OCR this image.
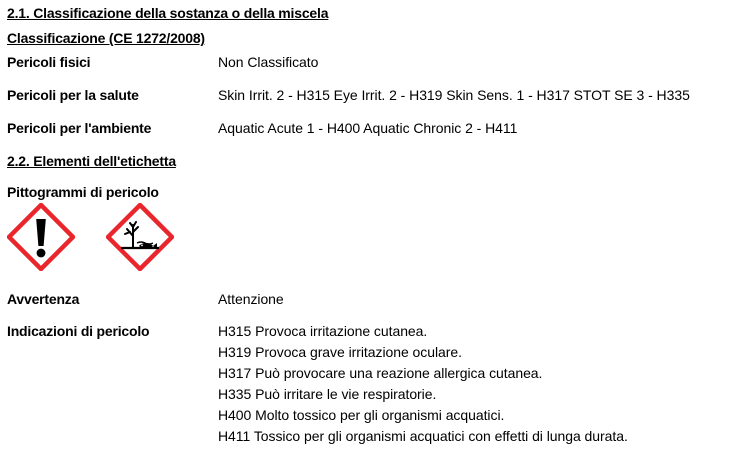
2.1. Classificazione della sostanza o della miscela
Classificazione (CE 1272/2008)
Pericoli fisici	Non Classificato
Pericoli per la salute	Skin Irrit. 2 - H315 Eye Irrit. 2 - H319 Skin Sens. 1 - H317 STOT SE 3 - H335
Pericoli per l'ambiente	Aquatic Acute 1 - H400 Aquatic Chronic 2 - H411
2.2. Elementi dell'etichetta
Pittogrammi di pericolo
Avvertenza	Attenzione
Indicazioni di pericolo	H315 Provoca irritazione cutanea.
H319 Provoca grave irritazione oculare.
H317 Può provocare una reazione allergica cutanea.
H335 Può irritare le vie respiratorie.
H400 Molto tossico per gli organismi acquatici.
H411 Tossico per gli organismi acquatici con effetti di lunga durata.
